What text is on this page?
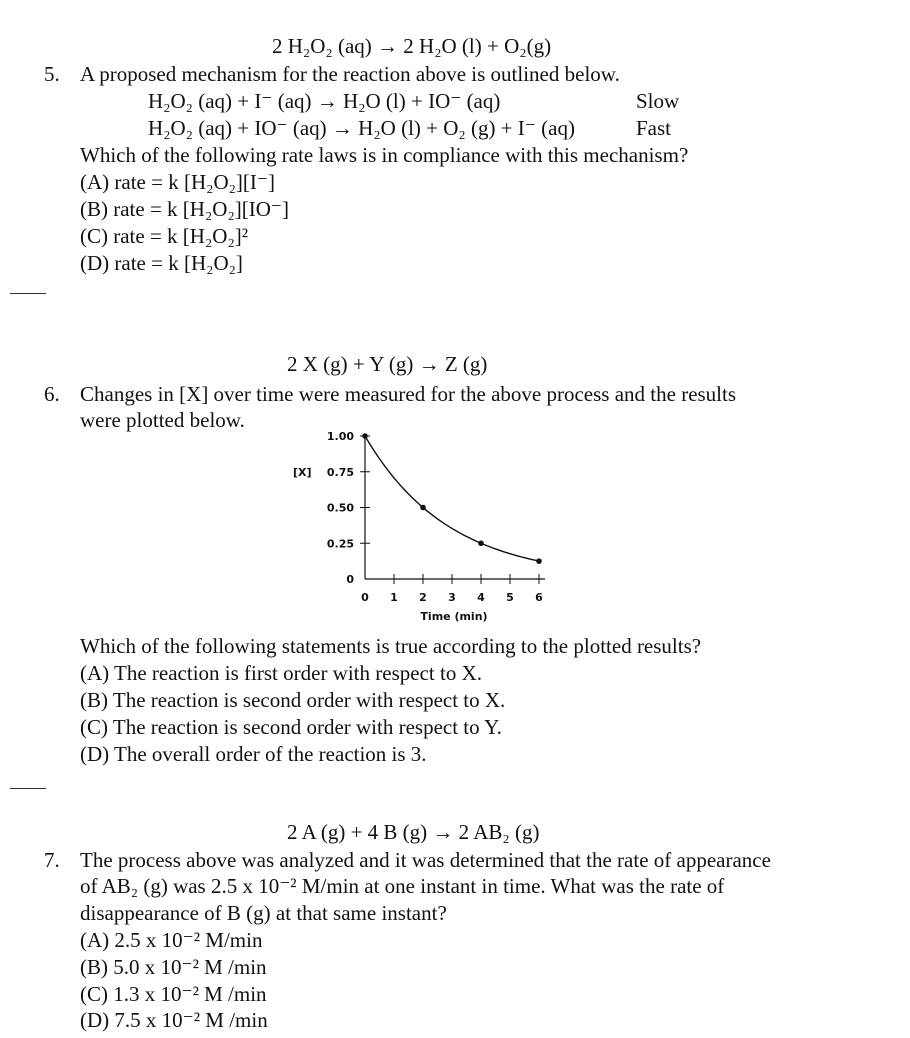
2 H₂O₂ (aq) → 2 H₂O (l) + O₂(g)
5. A proposed mechanism for the reaction above is outlined below.
H₂O₂ (aq) + I⁻ (aq) → H₂O (l) + IO⁻ (aq)	Slow
H₂O₂ (aq) + IO⁻ (aq) → H₂O (l) + O₂ (g) + I⁻ (aq)	Fast
Which of the following rate laws is in compliance with this mechanism?
(A) rate = k [H₂O₂][I⁻]
(B) rate = k [H₂O₂][IO⁻]
(C) rate = k [H₂O₂]²
(D) rate = k [H₂O₂]
2 X (g) + Y (g) → Z (g)
6. Changes in [X] over time were measured for the above process and the results
were plotted below.
0
0.25
0.50
0.75
1.00
0 1 2 3 4 5 6
Time (min)
[X]
Which of the following statements is true according to the plotted results?
(A) The reaction is first order with respect to X.
(B) The reaction is second order with respect to X.
(C) The reaction is second order with respect to Y.
(D) The overall order of the reaction is 3.
2 A (g) + 4 B (g) → 2 AB₂ (g)
7. The process above was analyzed and it was determined that the rate of appearance
of AB₂ (g) was 2.5 x 10⁻² M/min at one instant in time. What was the rate of
disappearance of B (g) at that same instant?
(A) 2.5 x 10⁻² M/min
(B) 5.0 x 10⁻² M /min
(C) 1.3 x 10⁻² M /min
(D) 7.5 x 10⁻² M /min
